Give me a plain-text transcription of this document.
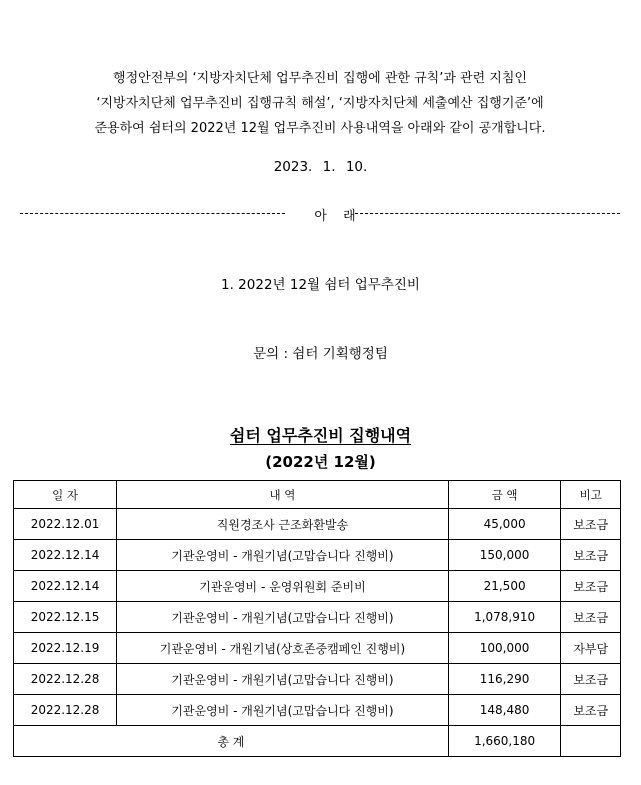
행정안전부의 ‘지방자치단체 업무추진비 집행에 관한 규칙’과 관련 지침인
‘지방자치단체 업무추진비 집행규칙 해설’, ‘지방자치단체 세출예산 집행기준’에
준용하여 쉼터의 2022년 12월 업무추진비 사용내역을 아래와 같이 공개합니다.
2023. 1. 10.
아 래
1. 2022년 12월 쉼터 업무추진비
문의 : 쉼터 기획행정팀
쉼터 업무추진비 집행내역
(2022년 12월)
일 자	내 역	금 액	비고
2022.12.01	직원경조사 근조화환발송	45,000	보조금
2022.12.14	기관운영비 - 개원기념(고맙습니다 진행비)	150,000	보조금
2022.12.14	기관운영비 - 운영위원회 준비비	21,500	보조금
2022.12.15	기관운영비 - 개원기념(고맙습니다 진행비)	1,078,910	보조금
2022.12.19	기관운영비 - 개원기념(상호존중캠페인 진행비)	100,000	자부담
2022.12.28	기관운영비 - 개원기념(고맙습니다 진행비)	116,290	보조금
2022.12.28	기관운영비 - 개원기념(고맙습니다 진행비)	148,480	보조금
총 계		1,660,180	
